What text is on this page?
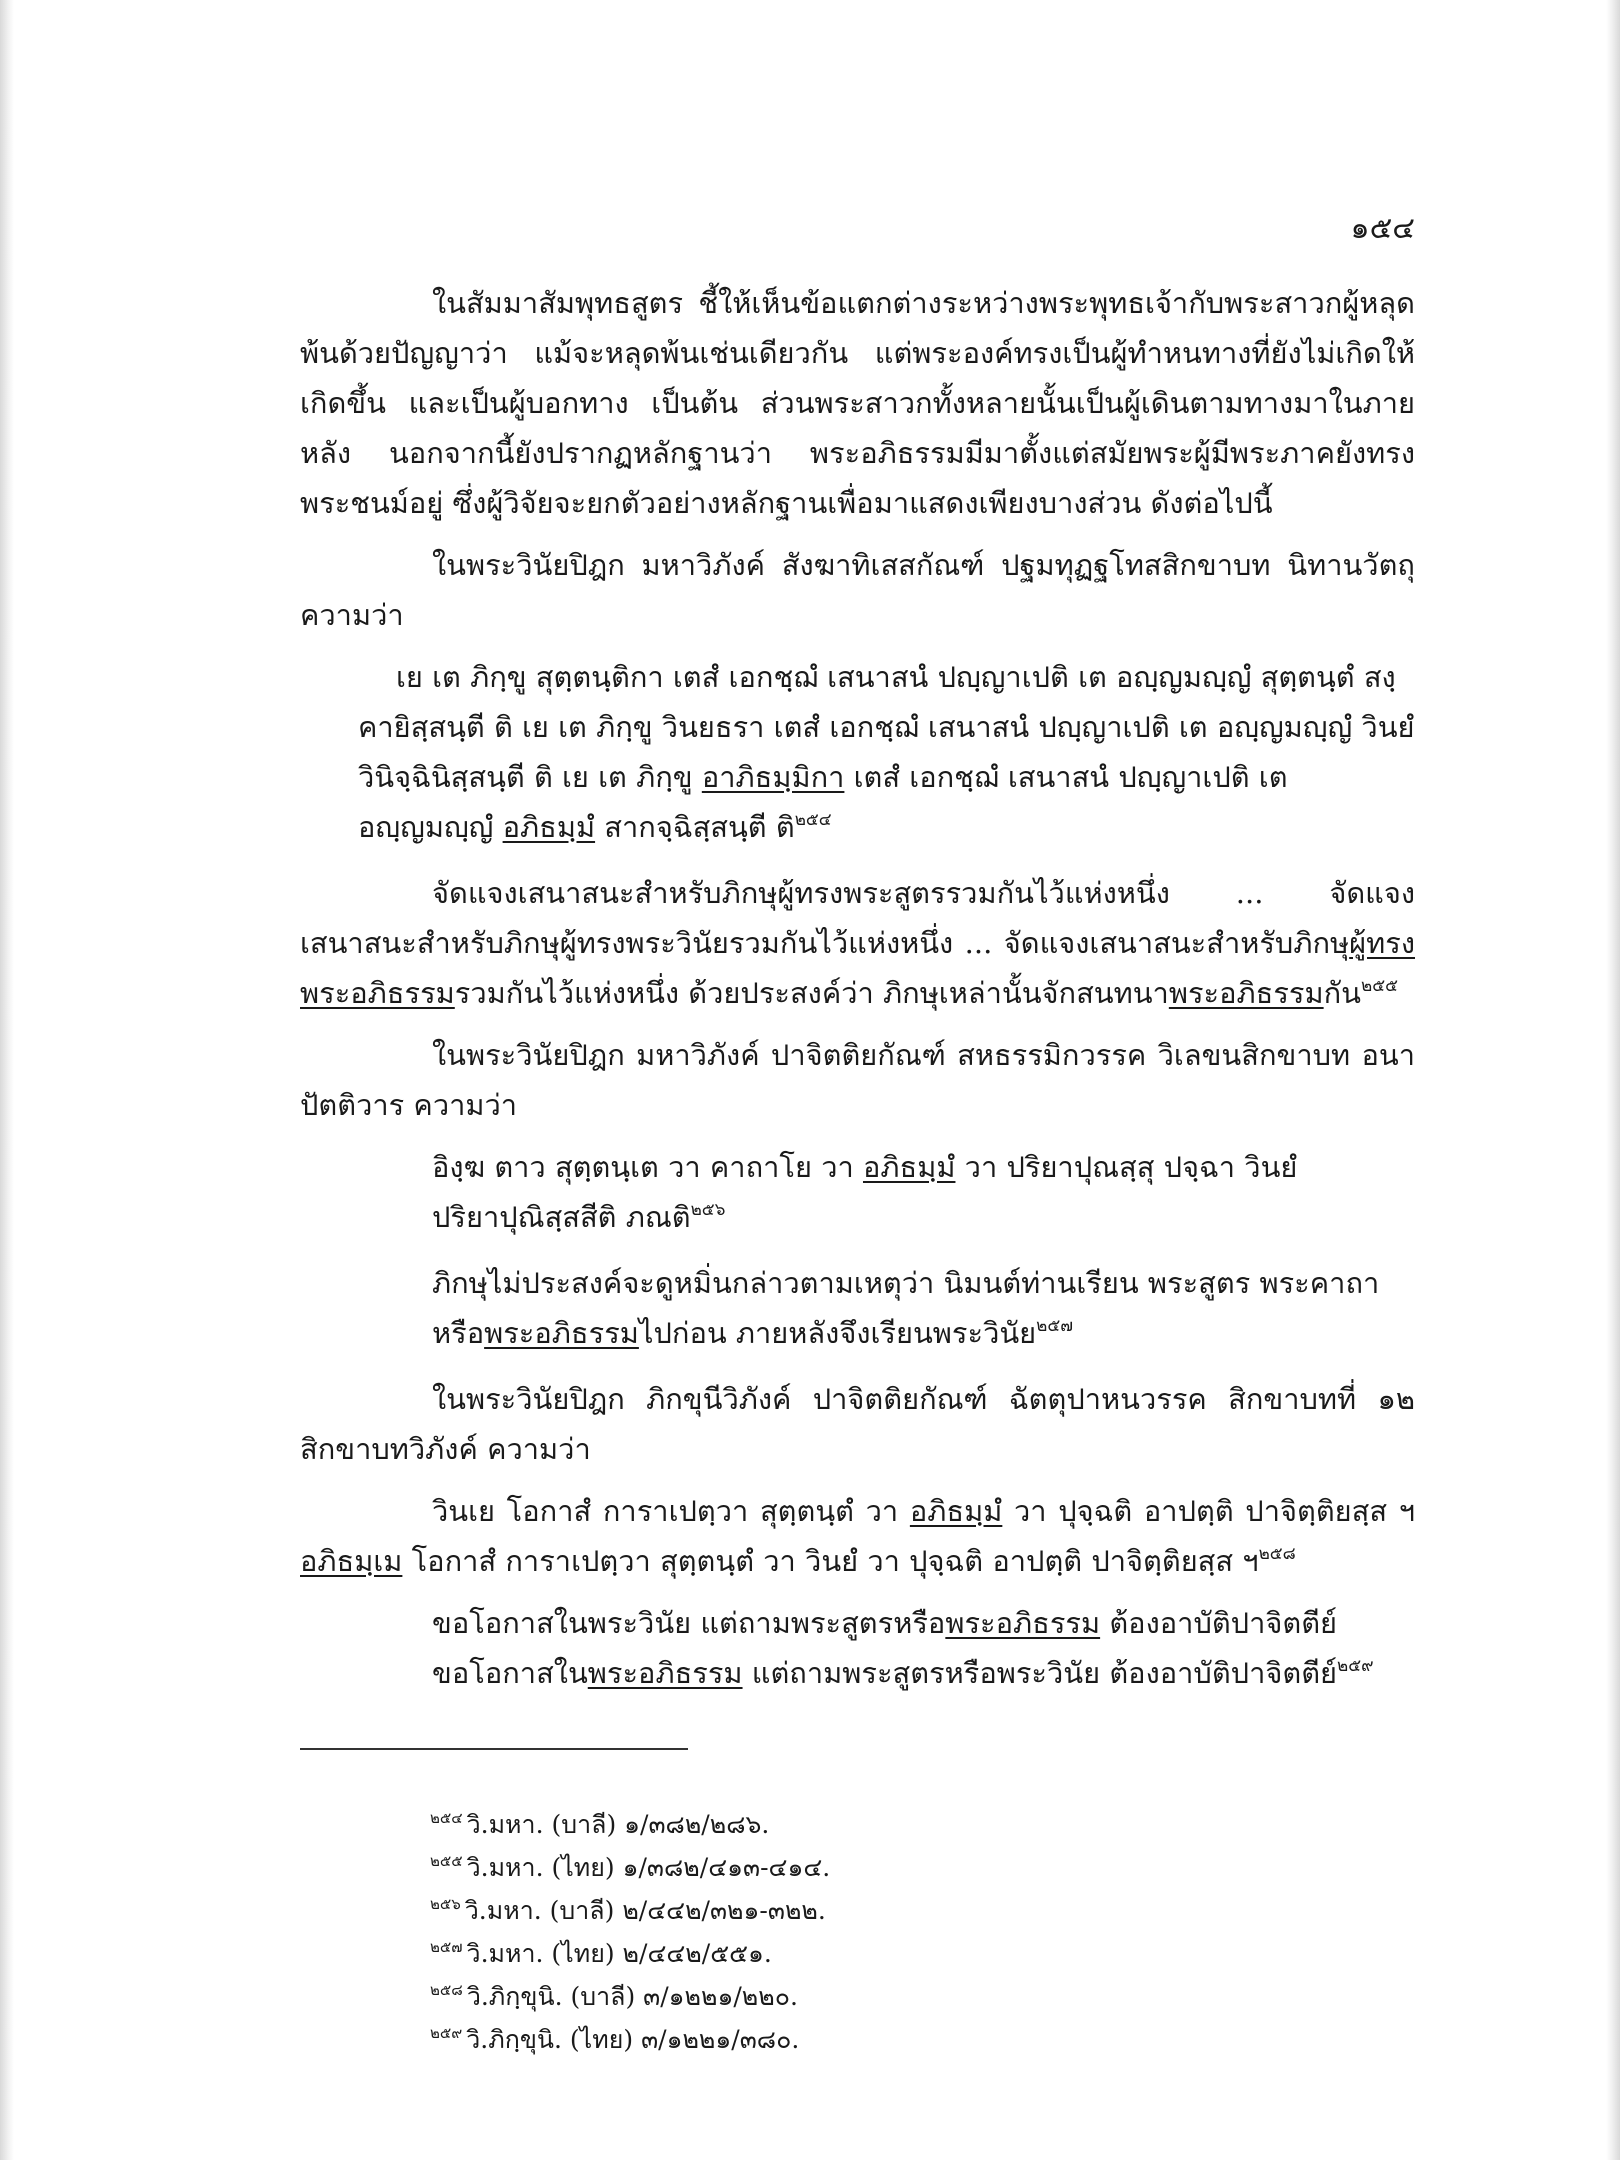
๑๕๔

ในสัมมาสัมพุทธสูตร ชี้ให้เห็นข้อแตกต่างระหว่างพระพุทธเจ้ากับพระสาวกผู้หลุดพ้นด้วยปัญญาว่า แม้จะหลุดพ้นเช่นเดียวกัน แต่พระองค์ทรงเป็นผู้ทำหนทางที่ยังไม่เกิดให้เกิดขึ้น และเป็นผู้บอกทาง เป็นต้น ส่วนพระสาวกทั้งหลายนั้นเป็นผู้เดินตามทางมาในภายหลัง นอกจากนี้ยังปรากฏหลักฐานว่า พระอภิธรรมมีมาตั้งแต่สมัยพระผู้มีพระภาคยังทรงพระชนม์อยู่ ซึ่งผู้วิจัยจะยกตัวอย่างหลักฐานเพื่อมาแสดงเพียงบางส่วน ดังต่อไปนี้

ในพระวินัยปิฎก มหาวิภังค์ สังฆาทิเสสกัณฑ์ ปฐมทุฏฐโทสสิกขาบท นิทานวัตถุ ความว่า

เย เต ภิกฺขู สุตฺตนฺติกา เตสํ เอกชฺฌํ เสนาสนํ ปญฺญาเปติ เต อญฺญมญฺญํ สุตฺตนฺตํ สงฺคายิสฺสนฺตี ติ เย เต ภิกฺขู วินยธรา เตสํ เอกชฺฌํ เสนาสนํ ปญฺญาเปติ เต อญฺญมญฺญํ วินยํ วินิจฺฉินิสฺสนฺตี ติ เย เต ภิกฺขู อาภิธมฺมิกา เตสํ เอกชฺฌํ เสนาสนํ ปญฺญาเปติ เต อญฺญมญฺญํ อภิธมฺมํ สากจฺฉิสฺสนฺตี ติ$^{๒๕๔}$

จัดแจงเสนาสนะสำหรับภิกษุผู้ทรงพระสูตรรวมกันไว้แห่งหนึ่ง ... จัดแจงเสนาสนะสำหรับภิกษุผู้ทรงพระวินัยรวมกันไว้แห่งหนึ่ง ... จัดแจงเสนาสนะสำหรับภิกษุผู้ทรงพระอภิธรรมรวมกันไว้แห่งหนึ่ง ด้วยประสงค์ว่า ภิกษุเหล่านั้นจักสนทนาพระอภิธรรมกัน$^{๒๕๕}$

ในพระวินัยปิฎก มหาวิภังค์ ปาจิตติยกัณฑ์ สหธรรมิกวรรค วิเลขนสิกขาบท อนาปัตติวาร ความว่า

อิงฺฆ ตาว สุตฺตนฺเต วา คาถาโย วา อภิธมฺมํ วา ปริยาปุณสฺสุ ปจฺฉา วินยํ

ปริยาปุณิสฺสสีติ ภณติ$^{๒๕๖}$

ภิกษุไม่ประสงค์จะดูหมิ่นกล่าวตามเหตุว่า นิมนต์ท่านเรียน พระสูตร พระคาถา

หรือพระอภิธรรมไปก่อน ภายหลังจึงเรียนพระวินัย$^{๒๕๗}$

ในพระวินัยปิฎก ภิกขุนีวิภังค์ ปาจิตติยกัณฑ์ ฉัตตุปาหนวรรค สิกขาบทที่ ๑๒ สิกขาบทวิภังค์ ความว่า

วินเย โอกาสํ การาเปตฺวา สุตฺตนฺตํ วา อภิธมฺมํ วา ปุจฺฉติ อาปตฺติ ปาจิตฺติยสฺส ฯ อภิธมฺเม โอกาสํ การาเปตฺวา สุตฺตนฺตํ วา วินยํ วา ปุจฺฉติ อาปตฺติ ปาจิตฺติยสฺส ฯ$^{๒๕๘}$

ขอโอกาสในพระวินัย แต่ถามพระสูตรหรือพระอภิธรรม ต้องอาบัติปาจิตตีย์

ขอโอกาสในพระอภิธรรม แต่ถามพระสูตรหรือพระวินัย ต้องอาบัติปาจิตตีย์$^{๒๕๙}$

$^{๒๕๔}$ วิ.มหา. (บาลี) ๑/๓๘๒/๒๘๖.
$^{๒๕๕}$ วิ.มหา. (ไทย) ๑/๓๘๒/๔๑๓-๔๑๔.
$^{๒๕๖}$ วิ.มหา. (บาลี) ๒/๔๔๒/๓๒๑-๓๒๒.
$^{๒๕๗}$ วิ.มหา. (ไทย) ๒/๔๔๒/๕๕๑.
$^{๒๕๘}$ วิ.ภิกฺขุนิ. (บาลี) ๓/๑๒๒๑/๒๒๐.
$^{๒๕๙}$ วิ.ภิกฺขุนิ. (ไทย) ๓/๑๒๒๑/๓๘๐.
